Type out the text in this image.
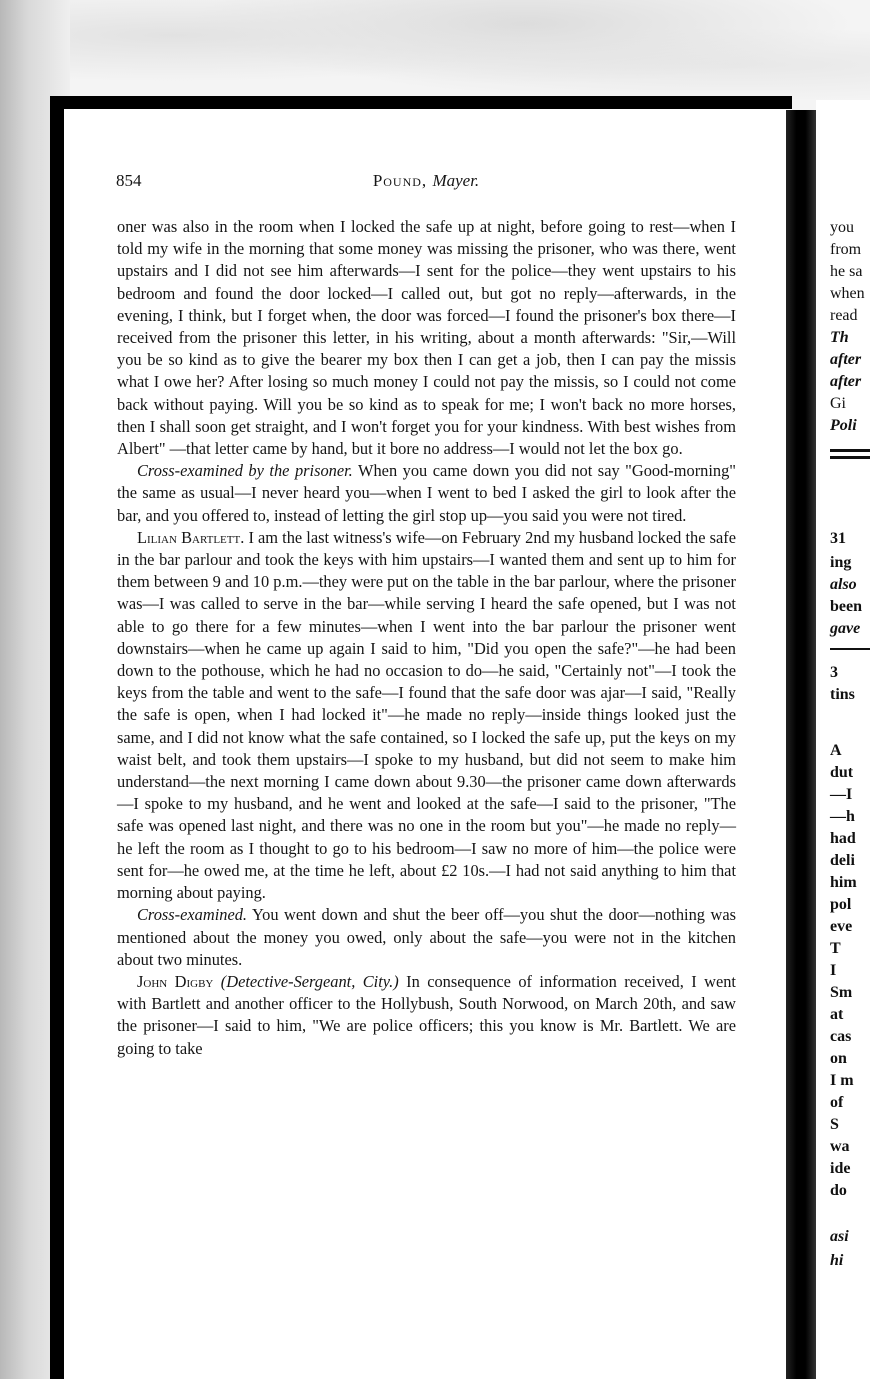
you
from
he sa
when
read
Th
after
after
Gi
Poli
31
ing
also
been
gave
3
tins
A
dut
—I
—h
had
deli
him
pol
eve
T
I
Sm
at
cas
on
I m
of
S
wa
ide
do
asi
hi
854	Pound, Mayer.

oner was also in the room when I locked the safe up at night, before going to rest—when I told my wife in the morning that some money was missing the prisoner, who was there, went upstairs and I did not see him afterwards—I sent for the police—they went upstairs to his bedroom and found the door locked—I called out, but got no reply—afterwards, in the evening, I think, but I forget when, the door was forced—I found the prisoner's box there—I received from the prisoner this letter, in his writing, about a month afterwards: "Sir,—Will you be so kind as to give the bearer my box then I can get a job, then I can pay the missis what I owe her? After losing so much money I could not pay the missis, so I could not come back without paying. Will you be so kind as to speak for me; I won't back no more horses, then I shall soon get straight, and I won't forget you for your kindness. With best wishes from Albert" —that letter came by hand, but it bore no address—I would not let the box go.

Cross-examined by the prisoner. When you came down you did not say "Good-morning" the same as usual—I never heard you—when I went to bed I asked the girl to look after the bar, and you offered to, instead of letting the girl stop up—you said you were not tired.

Lilian Bartlett. I am the last witness's wife—on February 2nd my husband locked the safe in the bar parlour and took the keys with him upstairs—I wanted them and sent up to him for them between 9 and 10 p.m.—they were put on the table in the bar parlour, where the prisoner was—I was called to serve in the bar—while serving I heard the safe opened, but I was not able to go there for a few minutes—when I went into the bar parlour the prisoner went downstairs—when he came up again I said to him, "Did you open the safe?"—he had been down to the pothouse, which he had no occasion to do—he said, "Certainly not"—I took the keys from the table and went to the safe—I found that the safe door was ajar—I said, "Really the safe is open, when I had locked it"—he made no reply—inside things looked just the same, and I did not know what the safe contained, so I locked the safe up, put the keys on my waist belt, and took them upstairs—I spoke to my husband, but did not seem to make him understand—the next morning I came down about 9.30—the prisoner came down afterwards—I spoke to my husband, and he went and looked at the safe—I said to the prisoner, "The safe was opened last night, and there was no one in the room but you"—he made no reply—he left the room as I thought to go to his bedroom—I saw no more of him—the police were sent for—he owed me, at the time he left, about £2 10s.—I had not said anything to him that morning about paying.

Cross-examined. You went down and shut the beer off—you shut the door—nothing was mentioned about the money you owed, only about the safe—you were not in the kitchen about two minutes.

John Digby (Detective-Sergeant, City.) In consequence of information received, I went with Bartlett and another officer to the Hollybush, South Norwood, on March 20th, and saw the prisoner—I said to him, "We are police officers; this you know is Mr. Bartlett. We are going to take
